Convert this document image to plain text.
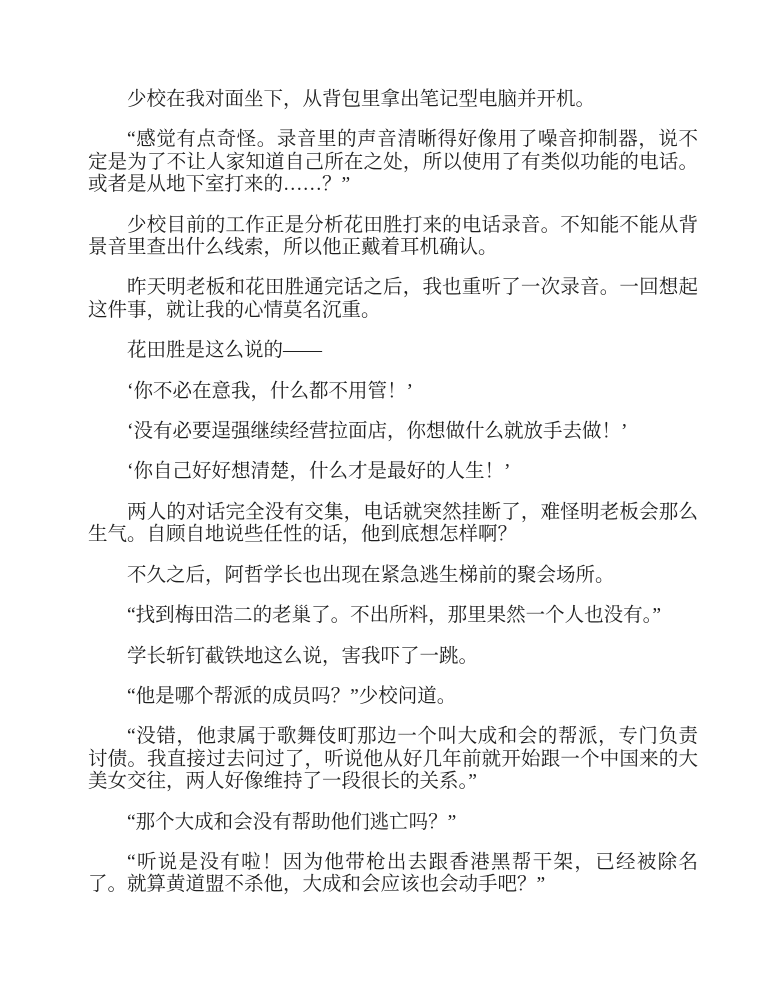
少校在我对面坐下，从背包里拿出笔记型电脑并开机。

“感觉有点奇怪。录音里的声音清晰得好像用了噪音抑制器，说不定是为了不让人家知道自己所在之处，所以使用了有类似功能的电话。或者是从地下室打来的……？”

少校目前的工作正是分析花田胜打来的电话录音。不知能不能从背景音里查出什么线索，所以他正戴着耳机确认。

昨天明老板和花田胜通完话之后，我也重听了一次录音。一回想起这件事，就让我的心情莫名沉重。

花田胜是这么说的——

‘你不必在意我，什么都不用管！’

‘没有必要逞强继续经营拉面店，你想做什么就放手去做！’

‘你自己好好想清楚，什么才是最好的人生！’

两人的对话完全没有交集，电话就突然挂断了，难怪明老板会那么生气。自顾自地说些任性的话，他到底想怎样啊？

不久之后，阿哲学长也出现在紧急逃生梯前的聚会场所。

“找到梅田浩二的老巢了。不出所料，那里果然一个人也没有。”

学长斩钉截铁地这么说，害我吓了一跳。

“他是哪个帮派的成员吗？”少校问道。

“没错，他隶属于歌舞伎町那边一个叫大成和会的帮派，专门负责讨债。我直接过去问过了，听说他从好几年前就开始跟一个中国来的大美女交往，两人好像维持了一段很长的关系。”

“那个大成和会没有帮助他们逃亡吗？”

“听说是没有啦！因为他带枪出去跟香港黑帮干架，已经被除名了。就算黄道盟不杀他，大成和会应该也会动手吧？”
